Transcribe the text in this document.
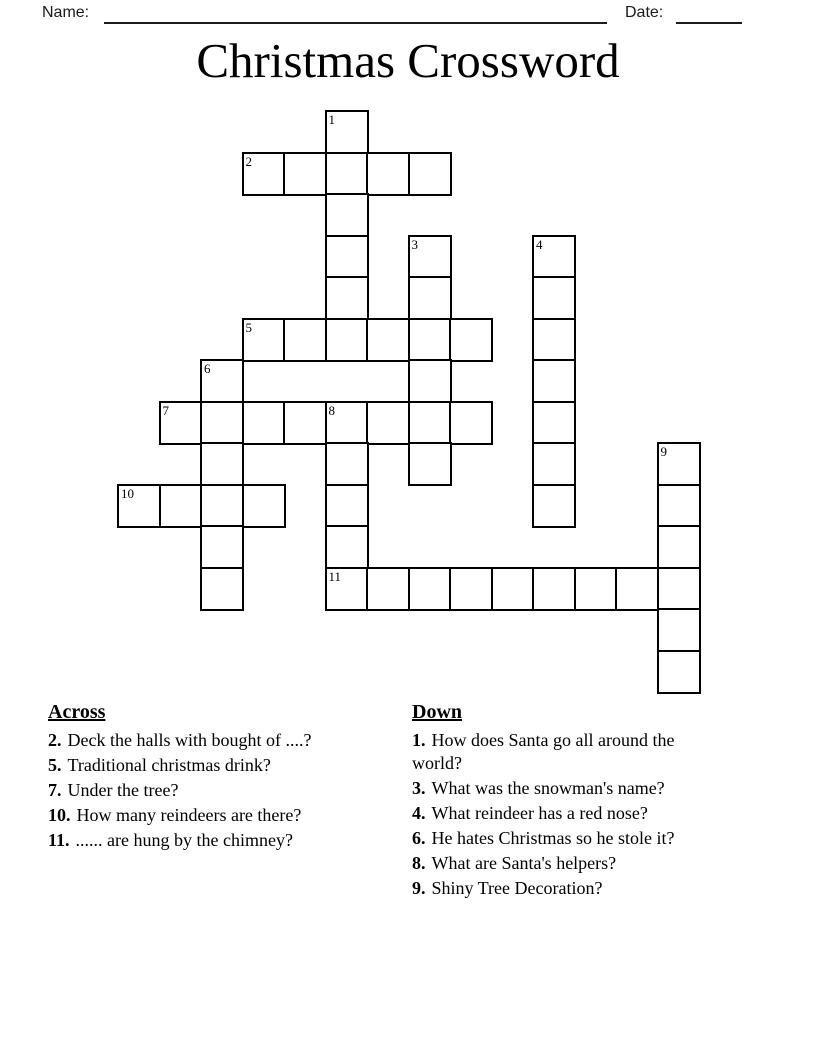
Name:	Date:
Christmas Crossword
1
2
3	4
5
6
7	8
9
10
11
Across

2. Deck the halls with bought of ....?

5. Traditional christmas drink?

7. Under the tree?

10. How many reindeers are there?

11. ...... are hung by the chimney?

Down

1. How does Santa go all around the world?

3. What was the snowman's name?

4. What reindeer has a red nose?

6. He hates Christmas so he stole it?

8. What are Santa's helpers?

9. Shiny Tree Decoration?
